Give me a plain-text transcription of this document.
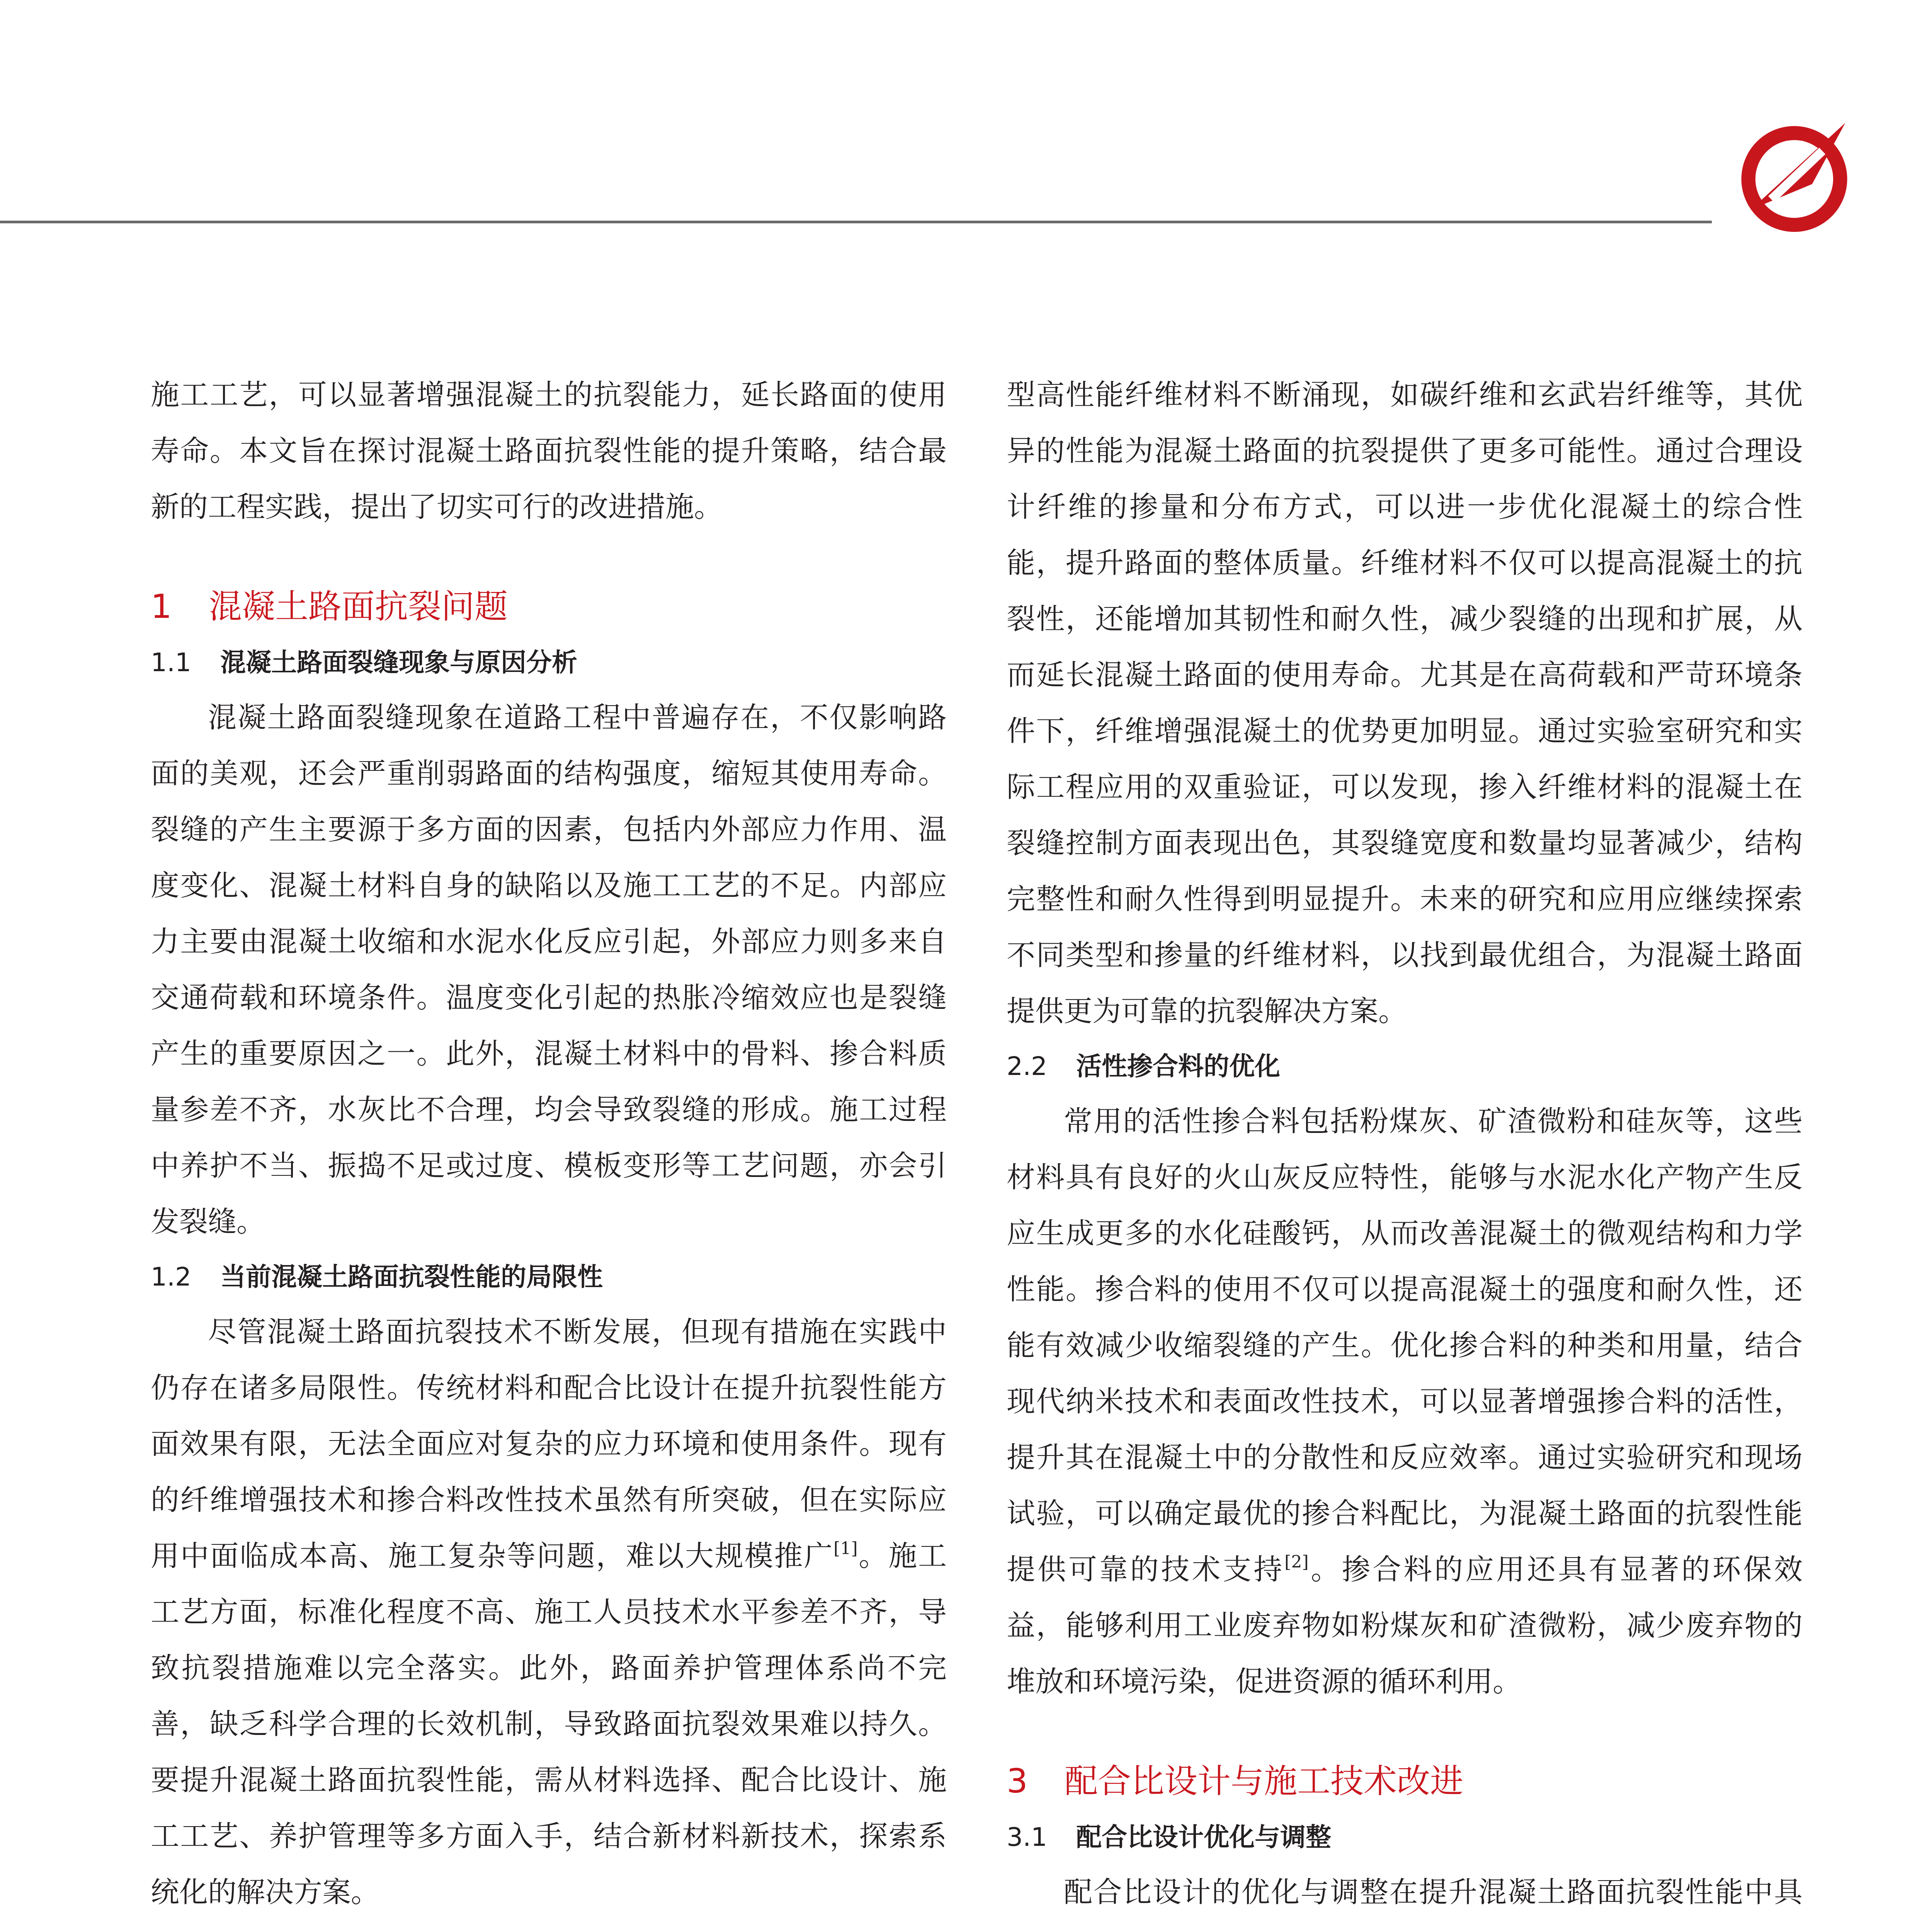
施工工艺，可以显著增强混凝土的抗裂能力，延长路面的使用寿命。本文旨在探讨混凝土路面抗裂性能的提升策略，结合最新的工程实践，提出了切实可行的改进措施。

1 混凝土路面抗裂问题
1.1 混凝土路面裂缝现象与原因分析

混凝土路面裂缝现象在道路工程中普遍存在，不仅影响路面的美观，还会严重削弱路面的结构强度，缩短其使用寿命。裂缝的产生主要源于多方面的因素，包括内外部应力作用、温度变化、混凝土材料自身的缺陷以及施工工艺的不足。内部应力主要由混凝土收缩和水泥水化反应引起，外部应力则多来自交通荷载和环境条件。温度变化引起的热胀冷缩效应也是裂缝产生的重要原因之一。此外，混凝土材料中的骨料、掺合料质量参差不齐，水灰比不合理，均会导致裂缝的形成。施工过程中养护不当、振捣不足或过度、模板变形等工艺问题，亦会引发裂缝。

1.2 当前混凝土路面抗裂性能的局限性

尽管混凝土路面抗裂技术不断发展，但现有措施在实践中仍存在诸多局限性。传统材料和配合比设计在提升抗裂性能方面效果有限，无法全面应对复杂的应力环境和使用条件。现有的纤维增强技术和掺合料改性技术虽然有所突破，但在实际应用中面临成本高、施工复杂等问题，难以大规模推广[1]。施工工艺方面，标准化程度不高、施工人员技术水平参差不齐，导致抗裂措施难以完全落实。此外，路面养护管理体系尚不完善，缺乏科学合理的长效机制，导致路面抗裂效果难以持久。要提升混凝土路面抗裂性能，需从材料选择、配合比设计、施工工艺、养护管理等多方面入手，结合新材料新技术，探索系统化的解决方案。

型高性能纤维材料不断涌现，如碳纤维和玄武岩纤维等，其优异的性能为混凝土路面的抗裂提供了更多可能性。通过合理设计纤维的掺量和分布方式，可以进一步优化混凝土的综合性能，提升路面的整体质量。纤维材料不仅可以提高混凝土的抗裂性，还能增加其韧性和耐久性，减少裂缝的出现和扩展，从而延长混凝土路面的使用寿命。尤其是在高荷载和严苛环境条件下，纤维增强混凝土的优势更加明显。通过实验室研究和实际工程应用的双重验证，可以发现，掺入纤维材料的混凝土在裂缝控制方面表现出色，其裂缝宽度和数量均显著减少，结构完整性和耐久性得到明显提升。未来的研究和应用应继续探索不同类型和掺量的纤维材料，以找到最优组合，为混凝土路面提供更为可靠的抗裂解决方案。

2.2 活性掺合料的优化

常用的活性掺合料包括粉煤灰、矿渣微粉和硅灰等，这些材料具有良好的火山灰反应特性，能够与水泥水化产物产生反应生成更多的水化硅酸钙，从而改善混凝土的微观结构和力学性能。掺合料的使用不仅可以提高混凝土的强度和耐久性，还能有效减少收缩裂缝的产生。优化掺合料的种类和用量，结合现代纳米技术和表面改性技术，可以显著增强掺合料的活性，提升其在混凝土中的分散性和反应效率。通过实验研究和现场试验，可以确定最优的掺合料配比，为混凝土路面的抗裂性能提供可靠的技术支持[2]。掺合料的应用还具有显著的环保效益，能够利用工业废弃物如粉煤灰和矿渣微粉，减少废弃物的堆放和环境污染，促进资源的循环利用。

3 配合比设计与施工技术改进
3.1 配合比设计优化与调整

配合比设计的优化与调整在提升混凝土路面抗裂性能中具
